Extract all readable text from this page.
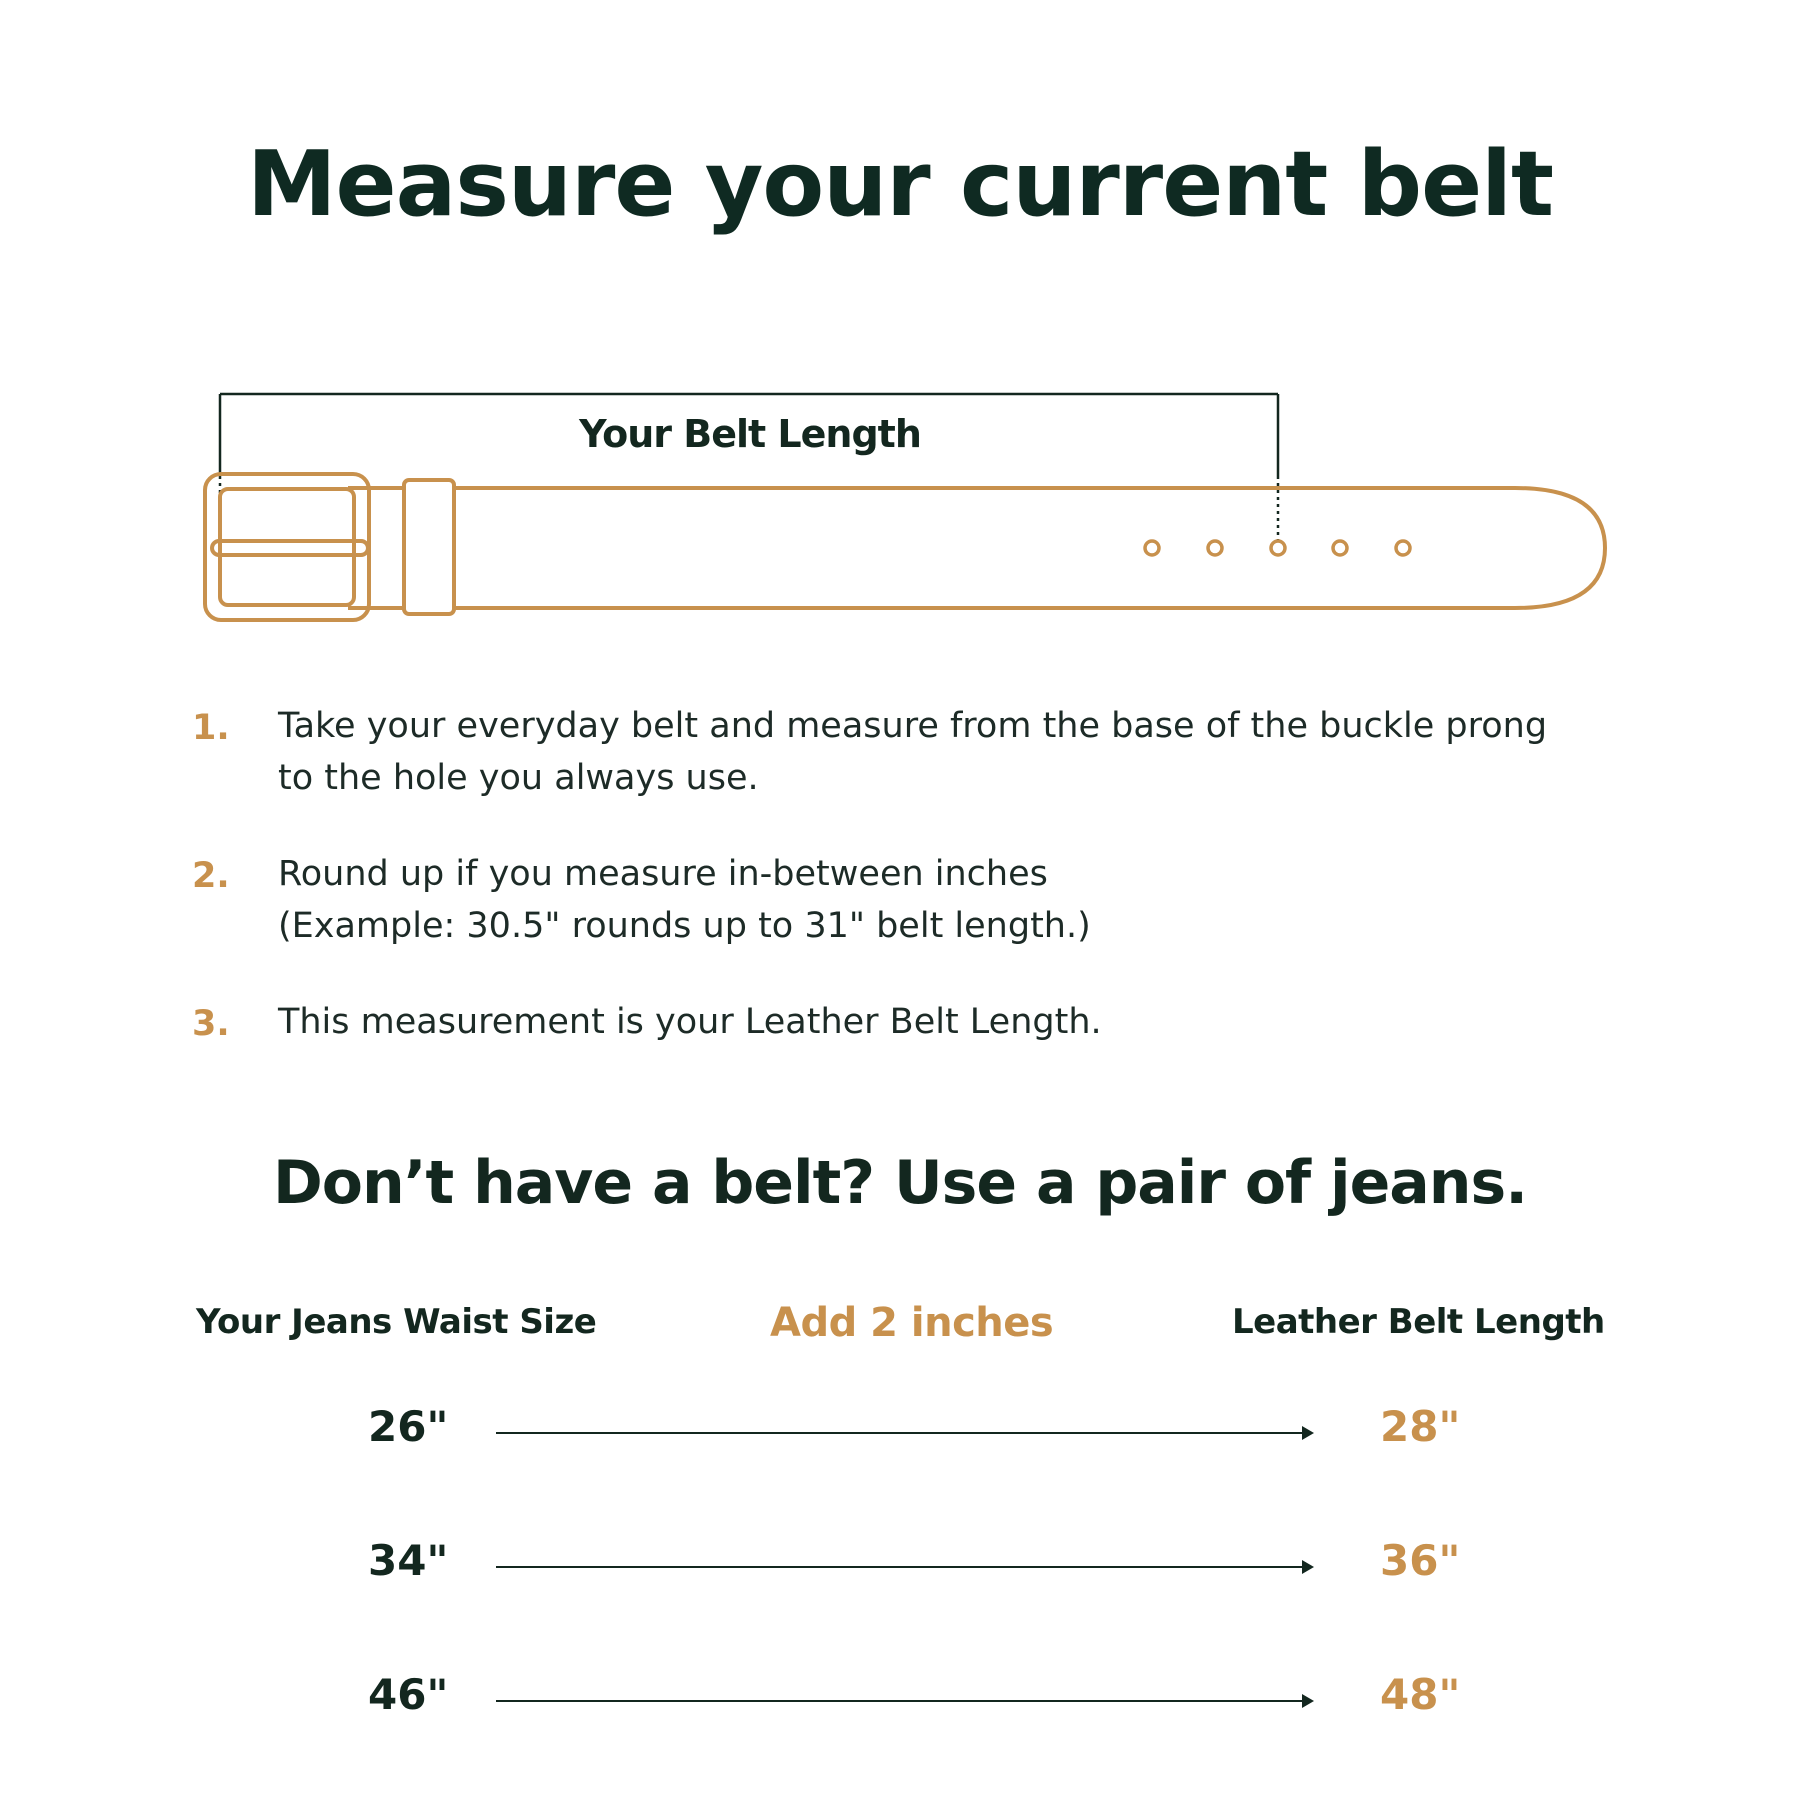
Measure your current belt
Your Belt Length
1. Take your everyday belt and measure from the base of the buckle prong
to the hole you always use.
2. Round up if you measure in-between inches
(Example: 30.5" rounds up to 31" belt length.)
3. This measurement is your Leather Belt Length.
Don’t have a belt? Use a pair of jeans.
Your Jeans Waist Size	Add 2 inches	Leather Belt Length
26"	28"
34"	36"
46"	48"
